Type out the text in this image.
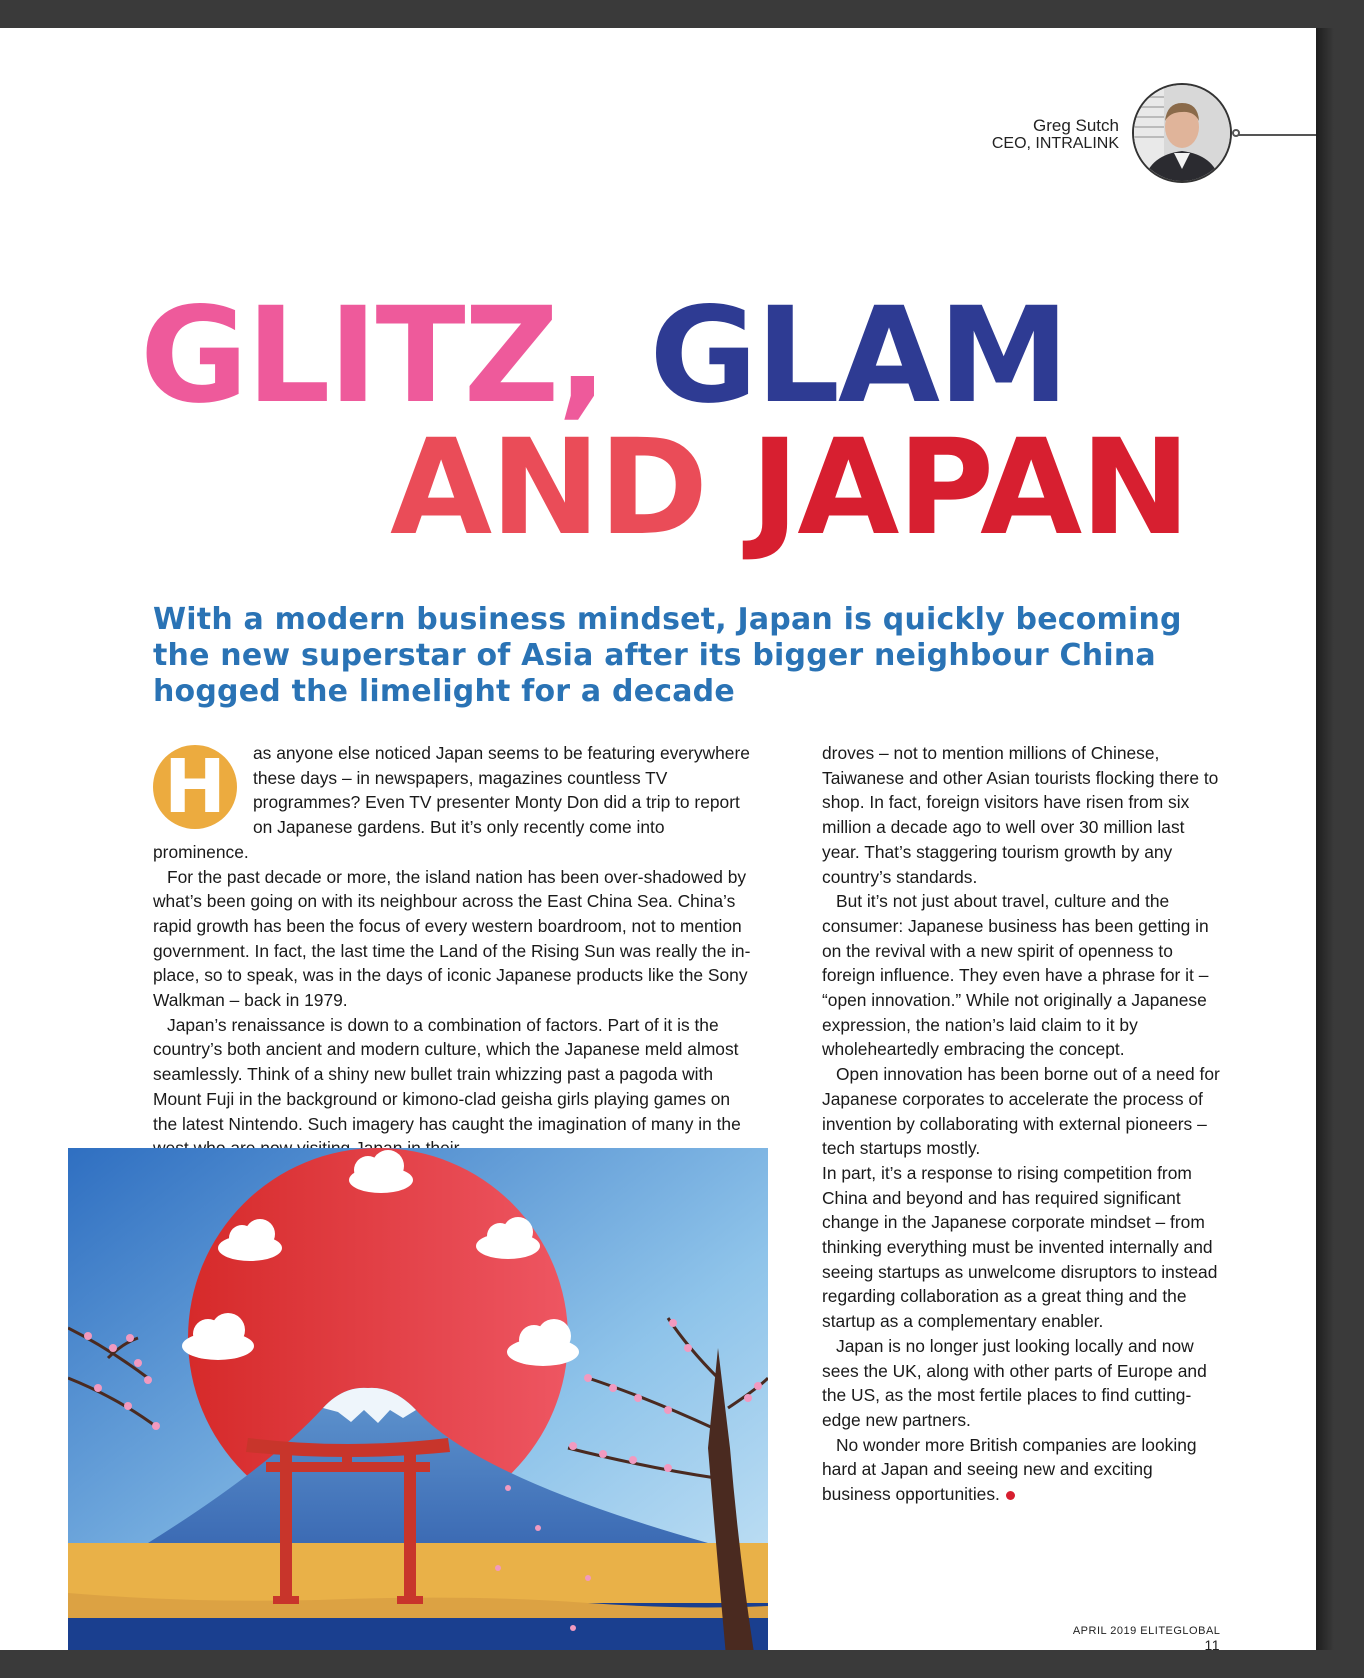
Greg Sutch
CEO, INTRALINK
GLITZ, GLAM
AND JAPAN
With a modern business mindset, Japan is quickly becoming the new superstar of Asia after its bigger neighbour China hogged the limelight for a decade
H	as anyone else noticed Japan seems to be featuring everywhere these days – in newspapers, magazines countless TV programmes? Even TV presenter Monty Don did a trip to report on Japanese gardens. But it’s only recently come into prominence.

For the past decade or more, the island nation has been over-shadowed by what’s been going on with its neighbour across the East China Sea. China’s rapid growth has been the focus of every western boardroom, not to mention government. In fact, the last time the Land of the Rising Sun was really the in-place, so to speak, was in the days of iconic Japanese products like the Sony Walkman – back in 1979.

Japan’s renaissance is down to a combination of factors. Part of it is the country’s both ancient and modern culture, which the Japanese meld almost seamlessly. Think of a shiny new bullet train whizzing past a pagoda with Mount Fuji in the background or kimono-clad geisha girls playing games on the latest Nintendo. Such imagery has caught the imagination of many in the

droves – not to mention millions of Chinese, Taiwanese and other Asian tourists flocking there to shop. In fact, foreign visitors have risen from six million a decade ago to well over 30 million last year. That’s staggering tourism growth by any country’s standards.

But it’s not just about travel, culture and the consumer: Japanese business has been getting in on the revival with a new spirit of openness to foreign influence. They even have a phrase for it – “open innovation.” While not originally a Japanese expression, the nation’s laid claim to it by wholeheartedly embracing the concept.

Open innovation has been borne out of a need for Japanese corporates to accelerate the process of invention by collaborating with external pioneers – tech startups mostly.

In part, it’s a response to rising competition from China and beyond and has required significant change in the Japanese corporate mindset – from thinking everything must be invented internally and seeing startups as unwelcome disruptors to instead regarding collaboration as a great thing and the startup as a complementary enabler.

Japan is no longer just looking locally and now sees the UK, along with other parts of Europe and the US, as the most fertile places to find cutting-edge new partners.

No wonder more British companies are looking hard at Japan and seeing new and exciting business opportunities.

APRIL 2019 ELITEGLOBAL 11
